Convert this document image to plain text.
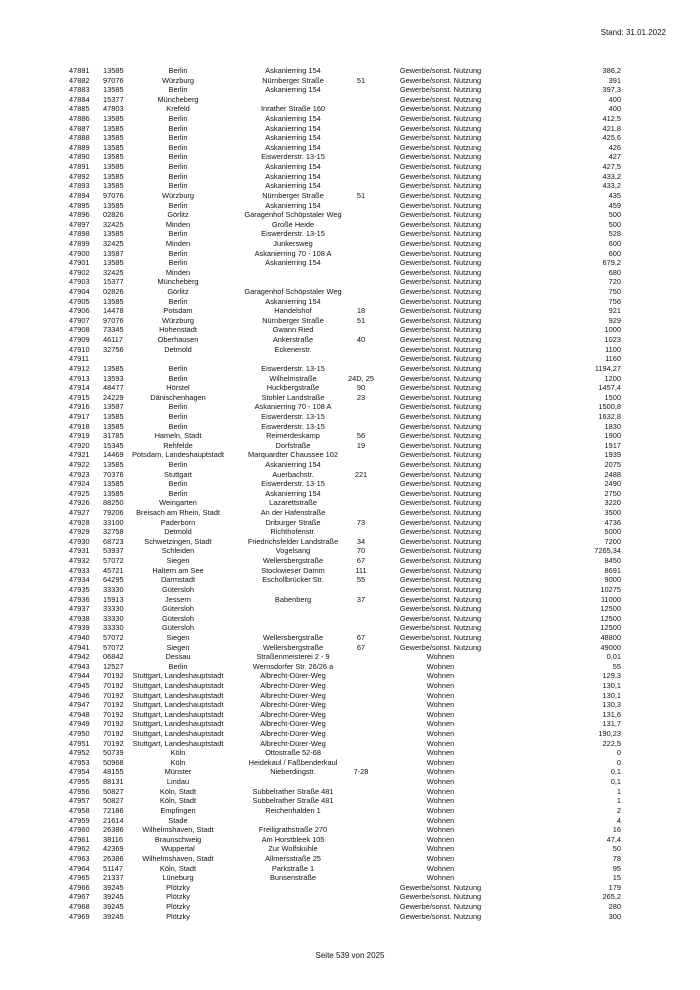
Stand: 31.01.2022
47881 13585	Berlin	Askanierring 154	Gewerbe/sonst. Nutzung	386,2
47882 97076	Würzburg	Nürnberger Straße	51	Gewerbe/sonst. Nutzung	391
47883 13585	Berlin	Askanierring 154	Gewerbe/sonst. Nutzung	397,3
47884 15377	Müncheberg	Gewerbe/sonst. Nutzung	400
47885 47803	Krefeld	Inrather Straße 160	Gewerbe/sonst. Nutzung	400
47886 13585	Berlin	Askanierring 154	Gewerbe/sonst. Nutzung	412,5
47887 13585	Berlin	Askanierring 154	Gewerbe/sonst. Nutzung	421,8
47888 13585	Berlin	Askanierring 154	Gewerbe/sonst. Nutzung	425,6
47889 13585	Berlin	Askanierring 154	Gewerbe/sonst. Nutzung	426
47890 13585	Berlin	Eiswerderstr. 13-15	Gewerbe/sonst. Nutzung	427
47891 13585	Berlin	Askanierring 154	Gewerbe/sonst. Nutzung	427,5
47892 13585	Berlin	Askanierring 154	Gewerbe/sonst. Nutzung	433,2
47893 13585	Berlin	Askanierring 154	Gewerbe/sonst. Nutzung	433,2
47894 97076	Würzburg	Nürnberger Straße	51	Gewerbe/sonst. Nutzung	435
47895 13585	Berlin	Askanierring 154	Gewerbe/sonst. Nutzung	459
47896 02826	Görlitz	Garagenhof Schöpstaler Weg	Gewerbe/sonst. Nutzung	500
47897 32425	Minden	Große Heide	Gewerbe/sonst. Nutzung	500
47898 13585	Berlin	Eiswerderstr. 13-15	Gewerbe/sonst. Nutzung	528
47899 32425	Minden	Junkersweg	Gewerbe/sonst. Nutzung	600
47900 13587	Berlin	Askanierring 70 - 108 A	Gewerbe/sonst. Nutzung	600
47901 13585	Berlin	Askanierring 154	Gewerbe/sonst. Nutzung	679,2
47902 32425	Minden	Gewerbe/sonst. Nutzung	680
47903 15377	Müncheberg	Gewerbe/sonst. Nutzung	720
47904 02826	Görlitz	Garagenhof Schöpstaler Weg	Gewerbe/sonst. Nutzung	750
47905 13585	Berlin	Askanierring 154	Gewerbe/sonst. Nutzung	756
47906 14478	Potsdam	Handelshof	18	Gewerbe/sonst. Nutzung	921
47907 97076	Würzburg	Nürnberger Straße	51	Gewerbe/sonst. Nutzung	929
47908 73345	Hohenstadt	Gwann Ried	Gewerbe/sonst. Nutzung	1000
47909 46117	Oberhausen	Ankerstraße	40	Gewerbe/sonst. Nutzung	1023
47910 32756	Detmold	Eckenerstr.	Gewerbe/sonst. Nutzung	1100
47911	Gewerbe/sonst. Nutzung	1160
47912 13585	Berlin	Eiswerderstr. 13-15	Gewerbe/sonst. Nutzung	1194,27
47913 13593	Berlin	Wilhelmstraße	24D, 25	Gewerbe/sonst. Nutzung	1200
47914 48477	Hörstel	Huckbergstraße	90	Gewerbe/sonst. Nutzung	1457,4
47915 24229	Dänischenhagen	Stohler Landstraße	23	Gewerbe/sonst. Nutzung	1500
47916 13587	Berlin	Askanierring 70 - 108 A	Gewerbe/sonst. Nutzung	1500,8
47917 13585	Berlin	Eiswerderstr. 13-15	Gewerbe/sonst. Nutzung	1632,8
47918 13585	Berlin	Eiswerderstr. 13-15	Gewerbe/sonst. Nutzung	1830
47919 31785	Hameln, Stadt	Reimerdeskamp	56	Gewerbe/sonst. Nutzung	1900
47920 15345	Rehfelde	Dorfstraße	19	Gewerbe/sonst. Nutzung	1917
47921 14469	Potsdam, Landeshauptstadt	Marquardter Chaussee 102	Gewerbe/sonst. Nutzung	1939
47922 13585	Berlin	Askanierring 154	Gewerbe/sonst. Nutzung	2075
47923 70376	Stuttgart	Auerbachstr.	221	Gewerbe/sonst. Nutzung	2488
47924 13585	Berlin	Eiswerderstr. 13-15	Gewerbe/sonst. Nutzung	2490
47925 13585	Berlin	Askanierring 154	Gewerbe/sonst. Nutzung	2750
47926 88250	Weingarten	Lazarettstraße	Gewerbe/sonst. Nutzung	3220
47927 79206	Breisach am Rhein, Stadt	An der Hafenstraße	Gewerbe/sonst. Nutzung	3500
47928 33100	Paderborn	Driburger Straße	73	Gewerbe/sonst. Nutzung	4736
47929 32758	Detmold	Richthofenstr.	Gewerbe/sonst. Nutzung	5000
47930 68723	Schwetzingen, Stadt	Friedrichsfelder Landstraße	34	Gewerbe/sonst. Nutzung	7200
47931 53937	Schleiden	Vogelsang	70	Gewerbe/sonst. Nutzung	7265,34
47932 57072	Siegen	Wellersbergstraße	67	Gewerbe/sonst. Nutzung	8450
47933 45721	Haltern am See	Stockwieser Damm	111	Gewerbe/sonst. Nutzung	8691
47934 64295	Darmstadt	Eschollbrücker Str.	55	Gewerbe/sonst. Nutzung	9000
47935 33330	Gütersloh	Gewerbe/sonst. Nutzung	10275
47936 15913	Jessern	Babenberg	37	Gewerbe/sonst. Nutzung	11000
47937 33330	Gütersloh	Gewerbe/sonst. Nutzung	12500
47938 33330	Gütersloh	Gewerbe/sonst. Nutzung	12500
47939 33330	Gütersloh	Gewerbe/sonst. Nutzung	12500
47940 57072	Siegen	Wellersbergstraße	67	Gewerbe/sonst. Nutzung	48800
47941 57072	Siegen	Wellersbergstraße	67	Gewerbe/sonst. Nutzung	49000
47942 06842	Dessau	Straßenmeisterei 2 - 9	Wohnen	0,01
47943 12527	Berlin	Wernsdorfer Str. 26/26 a	Wohnen	55
47944 70192	Stuttgart, Landeshauptstadt	Albrecht-Dürer-Weg	Wohnen	129,3
47945 70192	Stuttgart, Landeshauptstadt	Albrecht-Dürer-Weg	Wohnen	130,1
47946 70192	Stuttgart, Landeshauptstadt	Albrecht-Dürer-Weg	Wohnen	130,1
47947 70192	Stuttgart, Landeshauptstadt	Albrecht-Dürer-Weg	Wohnen	130,3
47948 70192	Stuttgart, Landeshauptstadt	Albrecht-Dürer-Weg	Wohnen	131,6
47949 70192	Stuttgart, Landeshauptstadt	Albrecht-Dürer-Weg	Wohnen	131,7
47950 70192	Stuttgart, Landeshauptstadt	Albrecht-Dürer-Weg	Wohnen	190,23
47951 70192	Stuttgart, Landeshauptstadt	Albrecht-Dürer-Weg	Wohnen	222,5
47952 50739	Köln	Ottostraße 52-68	Wohnen	0
47953 50968	Köln	Heidekaul / Faßbenderkaul	Wohnen	0
47954 48155	Münster	Nieberdingstr.	7-28	Wohnen	0,1
47955 88131	Lindau	Wohnen	0,1
47956 50827	Köln, Stadt	Subbelrather Straße 481	Wohnen	1
47957 50827	Köln, Stadt	Subbelrather Straße 481	Wohnen	1
47958 72186	Empfingen	Reichenhalden 1	Wohnen	2
47959 21614	Stade	Wohnen	4
47960 26386	Wilhelmshaven, Stadt	Freiligrathstraße 270	Wohnen	16
47961 38116	Braunschweig	Am Horstbleek 105	Wohnen	47,4
47962 42369	Wuppertal	Zur Wolfskuhle	Wohnen	50
47963 26386	Wilhelmshaven, Stadt	Allmersstraße 25	Wohnen	78
47964 51147	Köln, Stadt	Parkstraße 1	Wohnen	95
47965 21337	Lüneburg	Bunsenstraße	Wohnen	15
47966 39245	Plötzky	Gewerbe/sonst. Nutzung	179
47967 39245	Plötzky	Gewerbe/sonst. Nutzung	265,2
47968 39245	Plötzky	Gewerbe/sonst. Nutzung	280
47969 39245	Plötzky	Gewerbe/sonst. Nutzung	300
Seite 539 von 2025
